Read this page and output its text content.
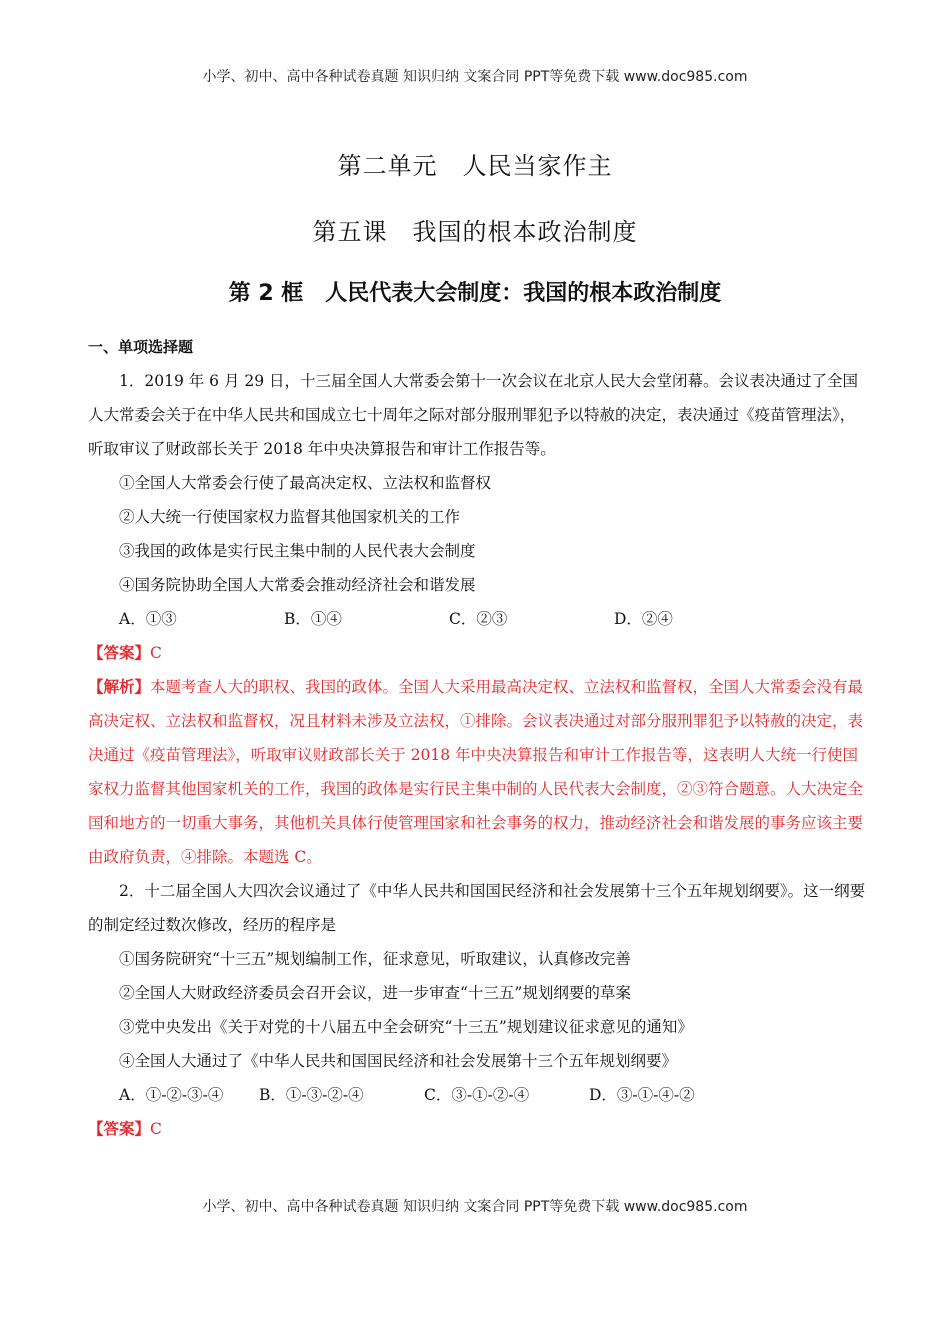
小学、初中、高中各种试卷真题 知识归纳 文案合同 PPT等免费下载 www.doc985.com
第二单元　人民当家作主
第五课　我国的根本政治制度
第 2 框　人民代表大会制度：我国的根本政治制度
一、单项选择题
1．2019 年 6 月 29 日，十三届全国人大常委会第十一次会议在北京人民大会堂闭幕。会议表决通过了全国人大常委会关于在中华人民共和国成立七十周年之际对部分服刑罪犯予以特赦的决定，表决通过《疫苗管理法》，听取审议了财政部长关于 2018 年中央决算报告和审计工作报告等。
①全国人大常委会行使了最高决定权、立法权和监督权
②人大统一行使国家权力监督其他国家机关的工作
③我国的政体是实行民主集中制的人民代表大会制度
④国务院协助全国人大常委会推动经济社会和谐发展
A．①③	B．①④	C．②③	D．②④
【答案】C
【解析】本题考查人大的职权、我国的政体。全国人大采用最高决定权、立法权和监督权，全国人大常委会没有最高决定权、立法权和监督权，况且材料未涉及立法权，①排除。会议表决通过对部分服刑罪犯予以特赦的决定，表决通过《疫苗管理法》，听取审议财政部长关于 2018 年中央决算报告和审计工作报告等，这表明人大统一行使国家权力监督其他国家机关的工作，我国的政体是实行民主集中制的人民代表大会制度，②③符合题意。人大决定全国和地方的一切重大事务，其他机关具体行使管理国家和社会事务的权力，推动经济社会和谐发展的事务应该主要由政府负责，④排除。本题选 C。
2．十二届全国人大四次会议通过了《中华人民共和国国民经济和社会发展第十三个五年规划纲要》。这一纲要的制定经过数次修改，经历的程序是
①国务院研究“十三五”规划编制工作，征求意见，听取建议，认真修改完善
②全国人大财政经济委员会召开会议，进一步审查“十三五”规划纲要的草案
③党中央发出《关于对党的十八届五中全会研究“十三五”规划建议征求意见的通知》
④全国人大通过了《中华人民共和国国民经济和社会发展第十三个五年规划纲要》
A．①-②-③-④	B．①-③-②-④	C．③-①-②-④	D．③-①-④-②
【答案】C
小学、初中、高中各种试卷真题 知识归纳 文案合同 PPT等免费下载 www.doc985.com
